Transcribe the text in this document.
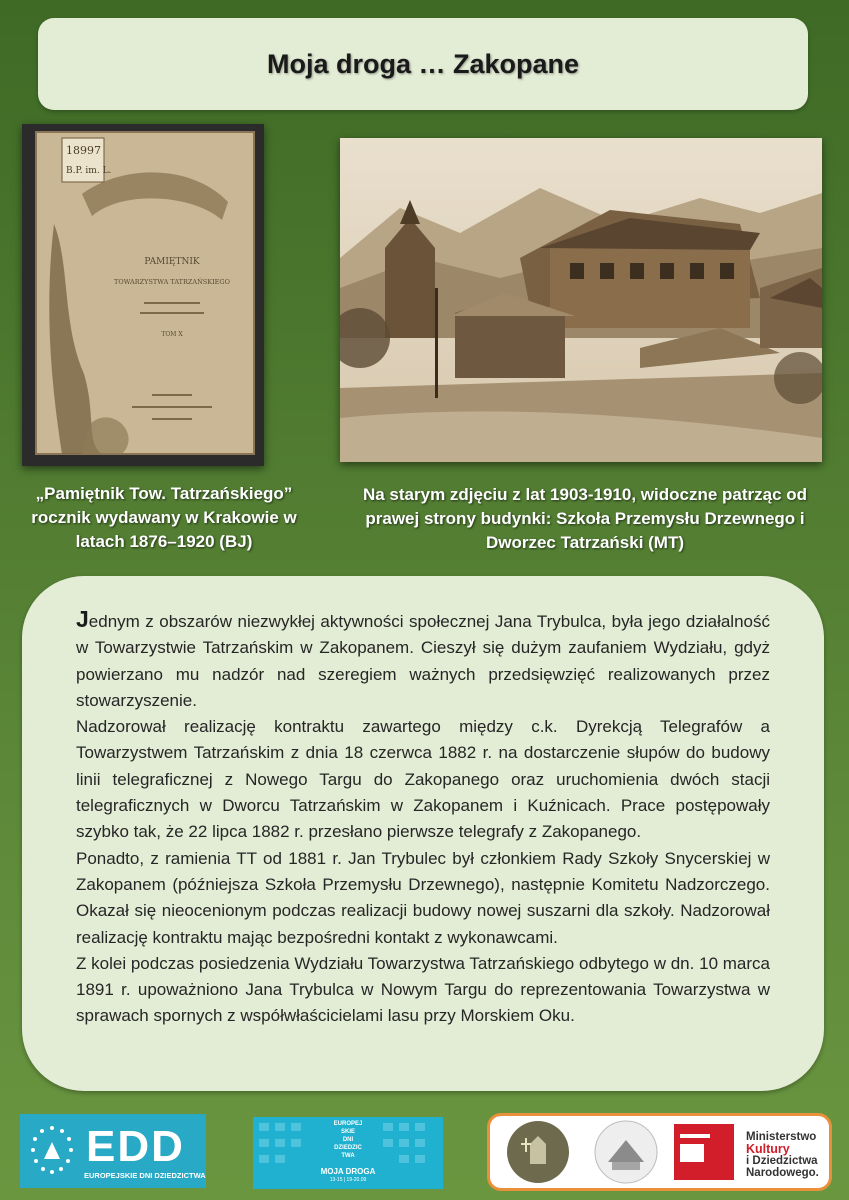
Moja droga … Zakopane
18997
B.P. im. L.
PAMIĘTNIK
TOWARZYSTWA TATRZAŃSKIEGO
TOM X
„Pamiętnik Tow. Tatrzańskiego” rocznik wydawany w Krakowie w latach 1876–1920 (BJ)
Na starym zdjęciu z lat 1903-1910, widoczne patrząc od prawej strony budynki: Szkoła Przemysłu Drzewnego i Dworzec Tatrzański (MT)

Jednym z obszarów niezwykłej aktywności społecznej Jana Trybulca, była jego działalność w Towarzystwie Tatrzańskim w Zakopanem. Cieszył się dużym zaufaniem Wydziału, gdyż powierzano mu nadzór nad szeregiem ważnych przedsięwzięć realizowanych przez stowarzyszenie.

Nadzorował realizację kontraktu zawartego między c.k. Dyrekcją Telegrafów a Towarzystwem Tatrzańskim z dnia 18 czerwca 1882 r. na dostarczenie słupów do budowy linii telegraficznej z Nowego Targu do Zakopanego oraz uruchomienia dwóch stacji telegraficznych w Dworcu Tatrzańskim w Zakopanem i Kuźnicach. Prace postępowały szybko tak, że 22 lipca 1882 r. przesłano pierwsze telegrafy z Zakopanego.

Ponadto, z ramienia TT od 1881 r. Jan Trybulec był członkiem Rady Szkoły Snycerskiej w Zakopanem (późniejsza Szkoła Przemysłu Drzewnego), następnie Komitetu Nadzorczego. Okazał się nieocenionym podczas realizacji budowy nowej suszarni dla szkoły. Nadzorował realizację kontraktu mając bezpośredni kontakt z wykonawcami.

Z kolei podczas posiedzenia Wydziału Towarzystwa Tatrzańskiego odbytego w dn. 10 marca 1891 r. upoważniono Jana Trybulca w Nowym Targu do reprezentowania Towarzystwa w sprawach spornych z współwłaścicielami lasu przy Morskiem Oku.

EDD
EUROPEJSKIE DNI DZIEDZICTWA
EUROPEJ
SKIE
DNI
DZIEDZIC
TWA
MOJA DROGA
13-15 | 19-20.09
Ministerstwo
Kultury
i Dziedzictwa
Narodowego.
